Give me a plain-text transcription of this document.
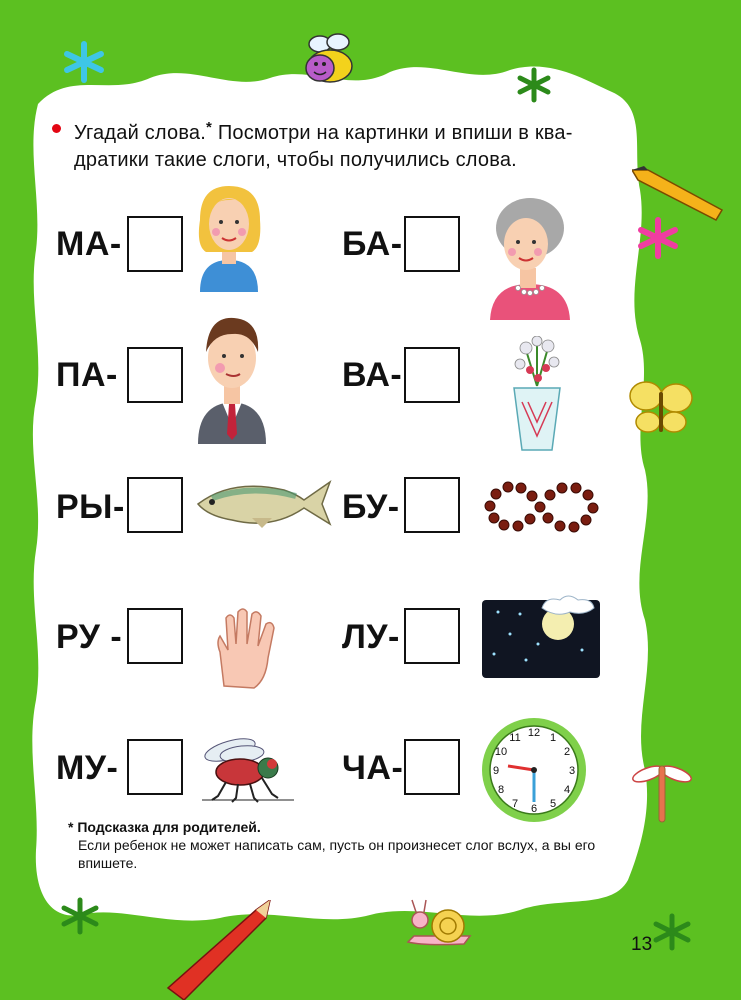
Угадай слова.* Посмотри на картинки и впиши в ква-
дратики такие слоги, чтобы получились слова.
МА-	БА-
ПА-	ВА-
РЫ-	БУ-
РУ -	ЛУ-
МУ-	ЧА-
12 1
2
3
4
5
6
7
8
9
10
11
* Подсказка для родителей.
Если ребенок не может написать сам, пусть он произнесет слог вслух, а вы его впишете.
13
